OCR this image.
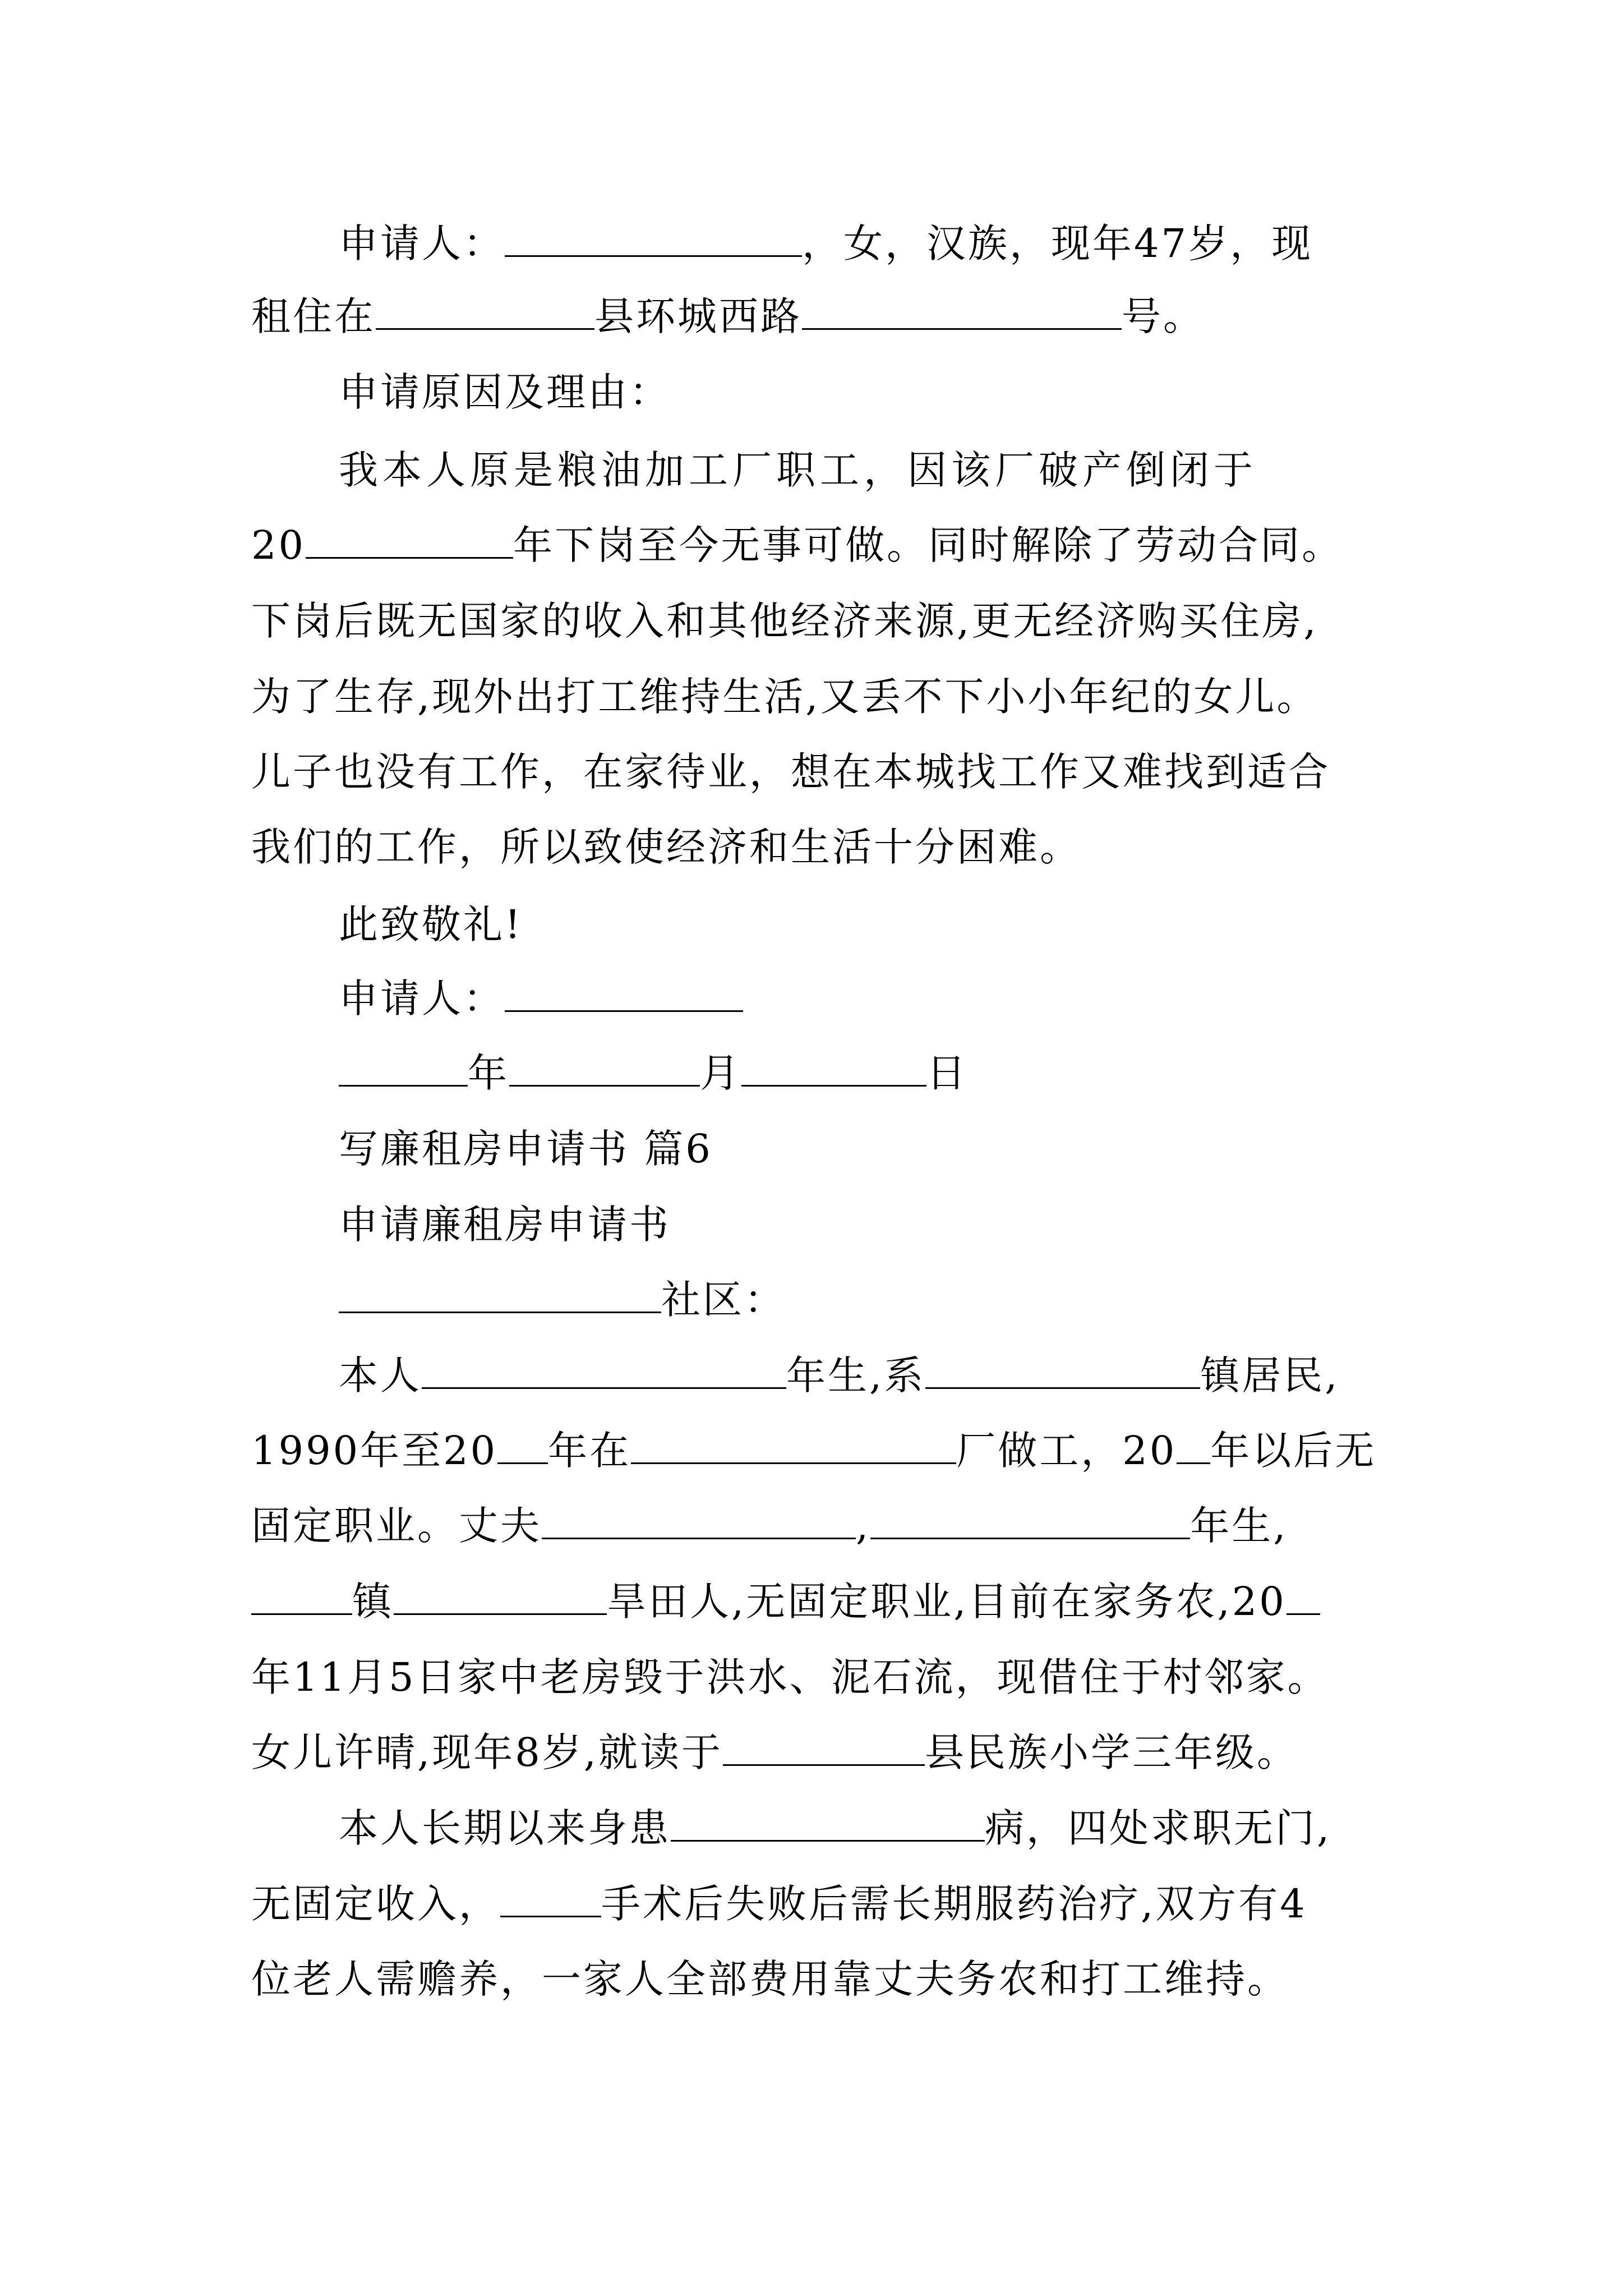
申请人：	，女，汉族，现年47岁，现
租住在	县环城西路	号。
申请原因及理由：
我本人原是粮油加工厂职工，因该厂破产倒闭于
20	年下岗至今无事可做。同时解除了劳动合同。
下岗后既无国家的收入和其他经济来源,更无经济购买住房,
为了生存,现外出打工维持生活,又丢不下小小年纪的女儿。
儿子也没有工作，在家待业，想在本城找工作又难找到适合
我们的工作，所以致使经济和生活十分困难。
此致敬礼!
申请人：
年	月	日
写廉租房申请书 篇6
申请廉租房申请书
社区：
本人	年生,系	镇居民,
1990年至20 年在	厂做工，20 年以后无
固定职业。丈夫	,	年生,
镇	旱田人,无固定职业,目前在家务农,20
年11月5日家中老房毁于洪水、泥石流，现借住于村邻家。
女儿许晴,现年8岁,就读于	县民族小学三年级。
本人长期以来身患	病，四处求职无门,
无固定收入，	手术后失败后需长期服药治疗,双方有4
位老人需赡养，一家人全部费用靠丈夫务农和打工维持。
